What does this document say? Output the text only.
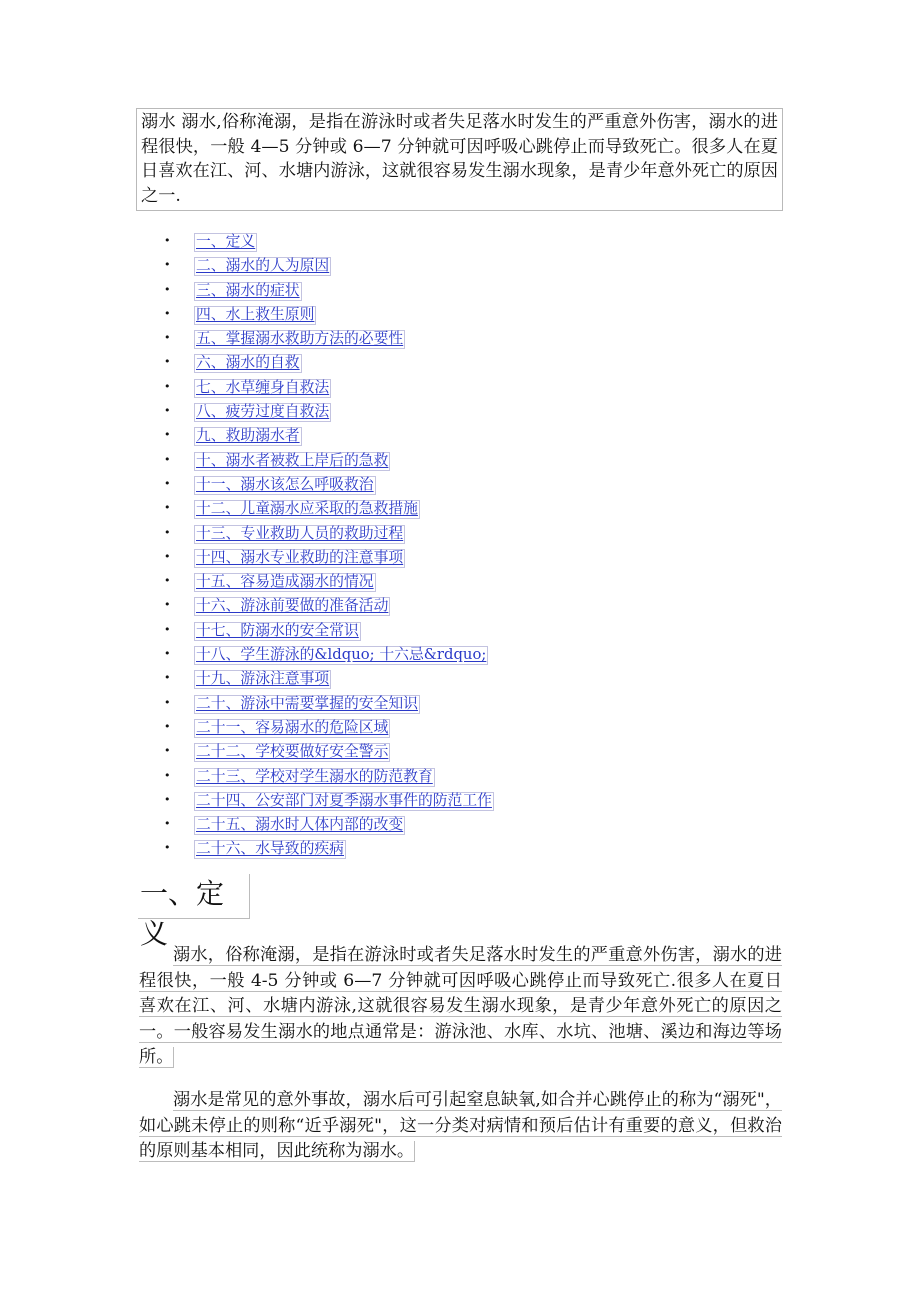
溺水 溺水,俗称淹溺，是指在游泳时或者失足落水时发生的严重意外伤害，溺水的进程很快，一般 4—5 分钟或 6—7 分钟就可因呼吸心跳停止而导致死亡。很多人在夏日喜欢在江、河、水塘内游泳，这就很容易发生溺水现象，是青少年意外死亡的原因之一.
•	一、定义
•	二、溺水的人为原因
•	三、溺水的症状
•	四、水上救生原则
•	五、掌握溺水救助方法的必要性
•	六、溺水的自救
•	七、水草缠身自救法
•	八、疲劳过度自救法
•	九、救助溺水者
•	十、溺水者被救上岸后的急救
•	十一、溺水该怎么呼吸救治
•	十二、儿童溺水应采取的急救措施
•	十三、专业救助人员的救助过程
•	十四、溺水专业救助的注意事项
•	十五、容易造成溺水的情况
•	十六、游泳前要做的准备活动
•	十七、防溺水的安全常识
•	十八、学生游泳的&ldquo; 十六忌&rdquo;
•	十九、游泳注意事项
•	二十、游泳中需要掌握的安全知识
•	二十一、容易溺水的危险区域
•	二十二、学校要做好安全警示
•	二十三、学校对学生溺水的防范教育
•	二十四、公安部门对夏季溺水事件的防范工作
•	二十五、溺水时人体内部的改变
•	二十六、水导致的疾病
一、定义

溺水，俗称淹溺，是指在游泳时或者失足落水时发生的严重意外伤害，溺水的进程很快，一般 4-5 分钟或 6—7 分钟就可因呼吸心跳停止而导致死亡.很多人在夏日喜欢在江、河、水塘内游泳,这就很容易发生溺水现象，是青少年意外死亡的原因之一。一般容易发生溺水的地点通常是：游泳池、水库、水坑、池塘、溪边和海边等场所。

溺水是常见的意外事故，溺水后可引起窒息缺氧,如合并心跳停止的称为“溺死"，如心跳未停止的则称“近乎溺死"，这一分类对病情和预后估计有重要的意义，但救治的原则基本相同，因此统称为溺水。
